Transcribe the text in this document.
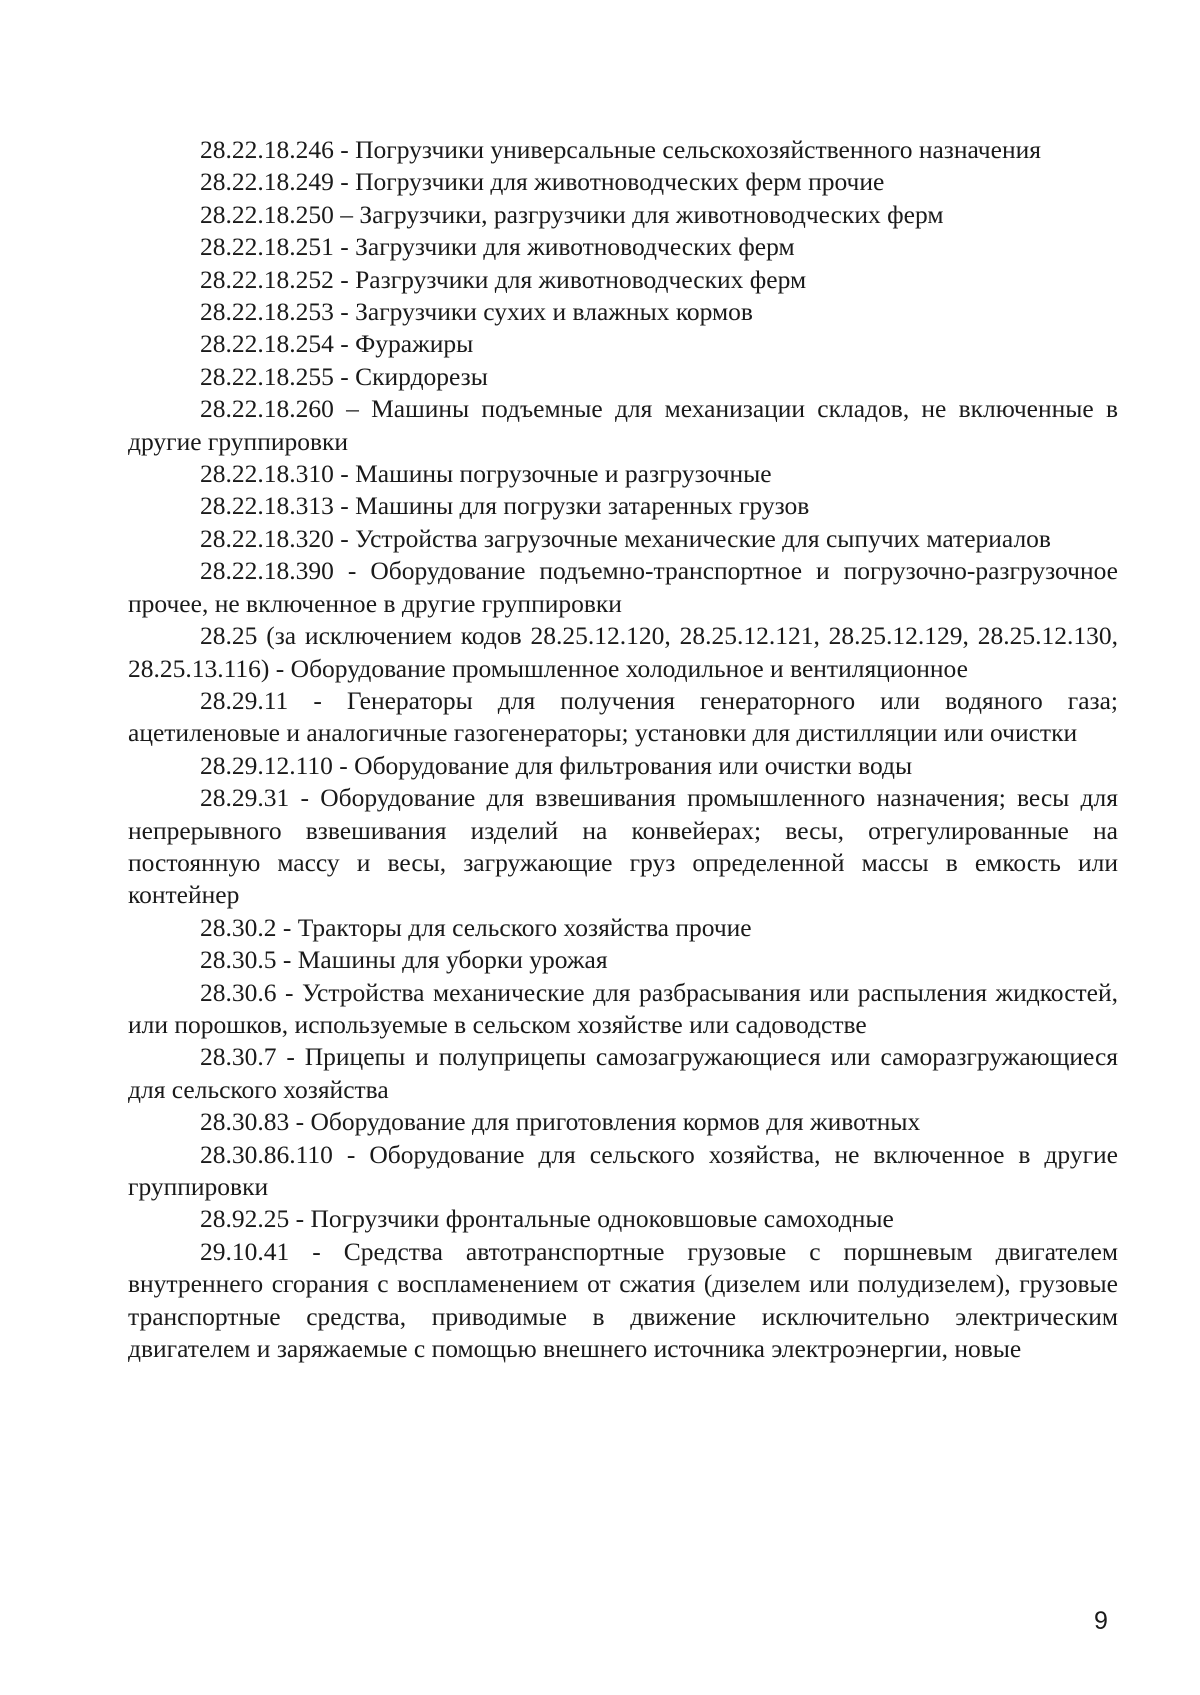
28.22.18.246 - Погрузчики универсальные сельскохозяйственного назначения

28.22.18.249 - Погрузчики для животноводческих ферм прочие

28.22.18.250 – Загрузчики, разгрузчики для животноводческих ферм

28.22.18.251 - Загрузчики для животноводческих ферм

28.22.18.252 - Разгрузчики для животноводческих ферм

28.22.18.253 - Загрузчики сухих и влажных кормов

28.22.18.254 - Фуражиры

28.22.18.255 - Скирдорезы

28.22.18.260 – Машины подъемные для механизации складов, не включенные в другие группировки

28.22.18.310 - Машины погрузочные и разгрузочные

28.22.18.313 - Машины для погрузки затаренных грузов

28.22.18.320 - Устройства загрузочные механические для сыпучих материалов

28.22.18.390 - Оборудование подъемно-транспортное и погрузочно-разгрузочное прочее, не включенное в другие группировки

28.25 (за исключением кодов 28.25.12.120, 28.25.12.121, 28.25.12.129, 28.25.12.130, 28.25.13.116) - Оборудование промышленное холодильное и вентиляционное

28.29.11 - Генераторы для получения генераторного или водяного газа; ацетиленовые и аналогичные газогенераторы; установки для дистилляции или очистки

28.29.12.110 - Оборудование для фильтрования или очистки воды

28.29.31 - Оборудование для взвешивания промышленного назначения; весы для непрерывного взвешивания изделий на конвейерах; весы, отрегулированные на постоянную массу и весы, загружающие груз определенной массы в емкость или контейнер

28.30.2 - Тракторы для сельского хозяйства прочие

28.30.5 - Машины для уборки урожая

28.30.6 - Устройства механические для разбрасывания или распыления жидкостей, или порошков, используемые в сельском хозяйстве или садоводстве

28.30.7 - Прицепы и полуприцепы самозагружающиеся или саморазгружающиеся для сельского хозяйства

28.30.83 - Оборудование для приготовления кормов для животных

28.30.86.110 - Оборудование для сельского хозяйства, не включенное в другие группировки

28.92.25 - Погрузчики фронтальные одноковшовые самоходные

29.10.41 - Средства автотранспортные грузовые с поршневым двигателем внутреннего сгорания с воспламенением от сжатия (дизелем или полудизелем), грузовые транспортные средства, приводимые в движение исключительно электрическим двигателем и заряжаемые с помощью внешнего источника электроэнергии, новые

9
